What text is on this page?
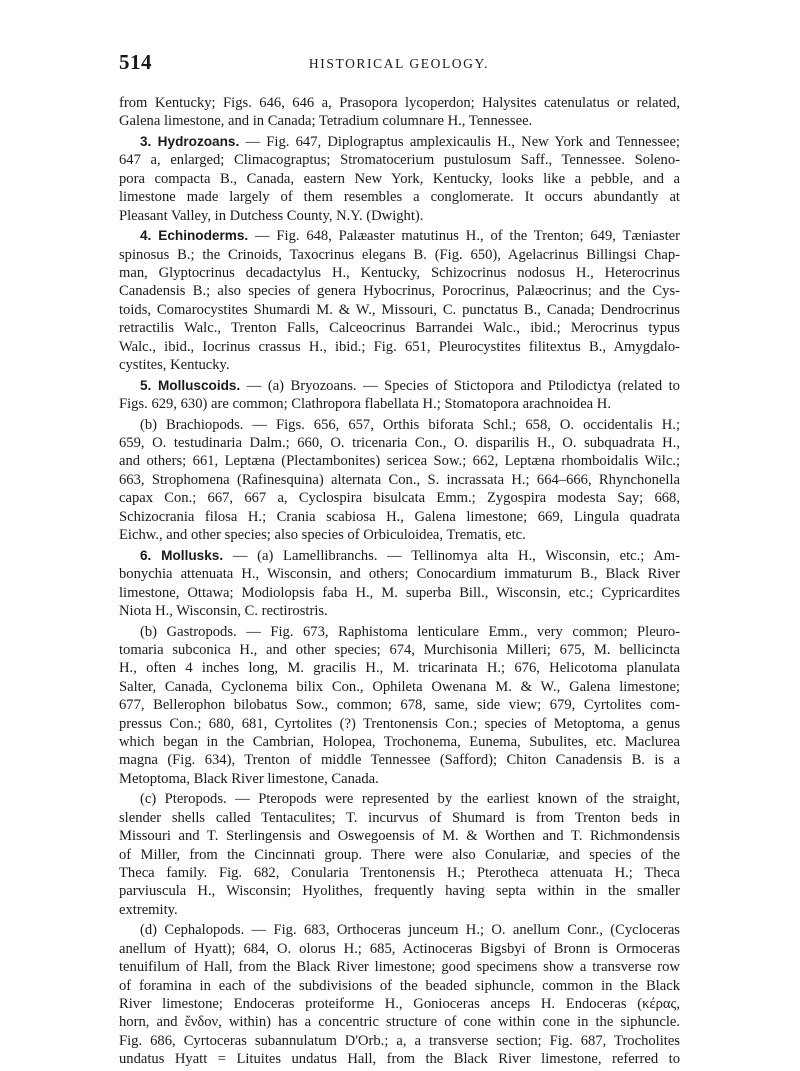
514	HISTORICAL GEOLOGY.
from Kentucky; Figs. 646, 646 a, Prasopora lycoperdon; Halysites catenulatus or related,
Galena limestone, and in Canada; Tetradium columnare H., Tennessee.
3. Hydrozoans. — Fig. 647, Diplograptus amplexicaulis H., New York and Tennessee;
647 a, enlarged; Climacograptus; Stromatocerium pustulosum Saff., Tennessee. Soleno-
pora compacta B., Canada, eastern New York, Kentucky, looks like a pebble, and a
limestone made largely of them resembles a conglomerate. It occurs abundantly at
Pleasant Valley, in Dutchess County, N.Y. (Dwight).
4. Echinoderms. — Fig. 648, Palæaster matutinus H., of the Trenton; 649, Tæniaster
spinosus B.; the Crinoids, Taxocrinus elegans B. (Fig. 650), Agelacrinus Billingsi Chap-
man, Glyptocrinus decadactylus H., Kentucky, Schizocrinus nodosus H., Heterocrinus
Canadensis B.; also species of genera Hybocrinus, Porocrinus, Palæocrinus; and the Cys-
toids, Comarocystites Shumardi M. & W., Missouri, C. punctatus B., Canada; Dendrocrinus
retractilis Walc., Trenton Falls, Calceocrinus Barrandei Walc., ibid.; Merocrinus typus
Walc., ibid., Iocrinus crassus H., ibid.; Fig. 651, Pleurocystites filitextus B., Amygdalo-
cystites, Kentucky.
5. Molluscoids. — (a) Bryozoans. — Species of Stictopora and Ptilodictya (related to
Figs. 629, 630) are common; Clathropora flabellata H.; Stomatopora arachnoidea H.
(b) Brachiopods. — Figs. 656, 657, Orthis biforata Schl.; 658, O. occidentalis H.;
659, O. testudinaria Dalm.; 660, O. tricenaria Con., O. disparilis H., O. subquadrata H.,
and others; 661, Leptæna (Plectambonites) sericea Sow.; 662, Leptæna rhomboidalis Wilc.;
663, Strophomena (Rafinesquina) alternata Con., S. incrassata H.; 664–666, Rhynchonella
capax Con.; 667, 667 a, Cyclospira bisulcata Emm.; Zygospira modesta Say; 668,
Schizocrania filosa H.; Crania scabiosa H., Galena limestone; 669, Lingula quadrata
Eichw., and other species; also species of Orbiculoidea, Trematis, etc.
6. Mollusks. — (a) Lamellibranchs. — Tellinomya alta H., Wisconsin, etc.; Am-
bonychia attenuata H., Wisconsin, and others; Conocardium immaturum B., Black River
limestone, Ottawa; Modiolopsis faba H., M. superba Bill., Wisconsin, etc.; Cypricardites
Niota H., Wisconsin, C. rectirostris.
(b) Gastropods. — Fig. 673, Raphistoma lenticulare Emm., very common; Pleuro-
tomaria subconica H., and other species; 674, Murchisonia Milleri; 675, M. bellicincta
H., often 4 inches long, M. gracilis H., M. tricarinata H.; 676, Helicotoma planulata
Salter, Canada, Cyclonema bilix Con., Ophileta Owenana M. & W., Galena limestone;
677, Bellerophon bilobatus Sow., common; 678, same, side view; 679, Cyrtolites com-
pressus Con.; 680, 681, Cyrtolites (?) Trentonensis Con.; species of Metoptoma, a genus
which began in the Cambrian, Holopea, Trochonema, Eunema, Subulites, etc. Maclurea
magna (Fig. 634), Trenton of middle Tennessee (Safford); Chiton Canadensis B. is a
Metoptoma, Black River limestone, Canada.
(c) Pteropods. — Pteropods were represented by the earliest known of the straight,
slender shells called Tentaculites; T. incurvus of Shumard is from Trenton beds in
Missouri and T. Sterlingensis and Oswegoensis of M. & Worthen and T. Richmondensis
of Miller, from the Cincinnati group. There were also Conulariæ, and species of the
Theca family. Fig. 682, Conularia Trentonensis H.; Pterotheca attenuata H.; Theca
parviuscula H., Wisconsin; Hyolithes, frequently having septa within in the smaller
extremity.
(d) Cephalopods. — Fig. 683, Orthoceras junceum H.; O. anellum Conr., (Cycloceras
anellum of Hyatt); 684, O. olorus H.; 685, Actinoceras Bigsbyi of Bronn is Ormoceras
tenuifilum of Hall, from the Black River limestone; good specimens show a transverse row
of foramina in each of the subdivisions of the beaded siphuncle, common in the Black
River limestone; Endoceras proteiforme H., Gonioceras anceps H. Endoceras (κέρας,
horn, and ἔνδον, within) has a concentric structure of cone within cone in the siphuncle.
Fig. 686, Cyrtoceras subannulatum D'Orb.; a, a transverse section; Fig. 687, Trocholites
undatus Hyatt = Lituites undatus Hall, from the Black River limestone, referred to
